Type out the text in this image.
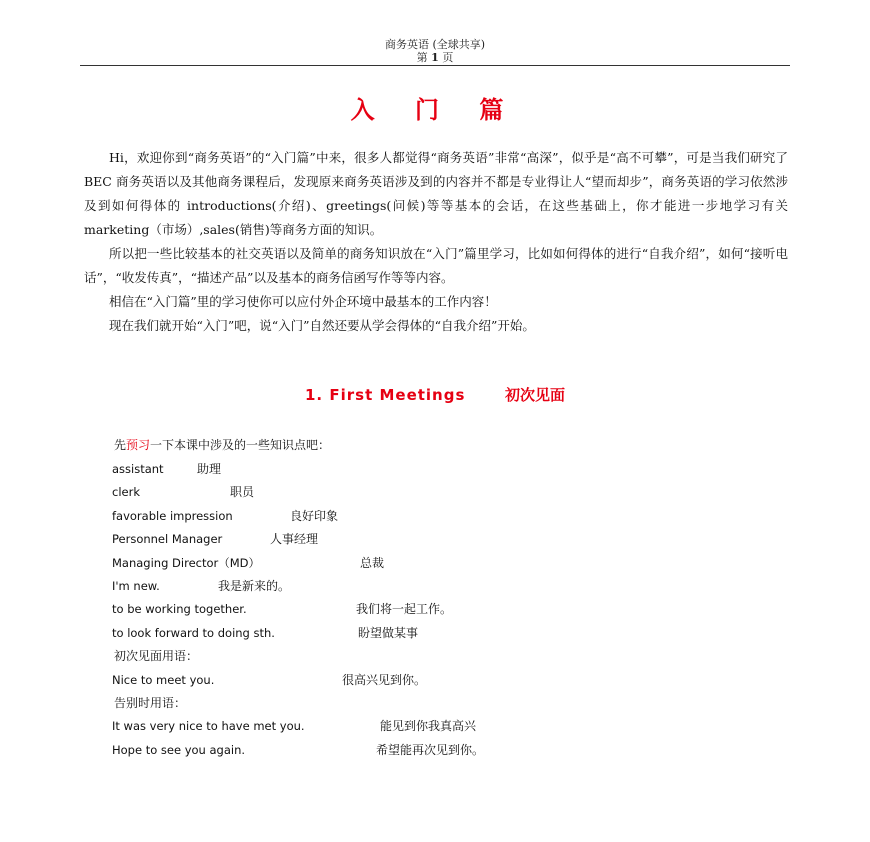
商务英语 (全球共享)
第 1 页
入 门 篇

Hi，欢迎你到“商务英语”的“入门篇”中来，很多人都觉得“商务英语”非常“高深”，似乎是“高不可攀”，可是当我们研究了 BEC 商务英语以及其他商务课程后，发现原来商务英语涉及到的内容并不都是专业得让人“望而却步”，商务英语的学习依然涉及到如何得体的 introductions(介绍)、greetings(问候)等等基本的会话，在这些基础上，你才能进一步地学习有关 marketing（市场）,sales(销售)等商务方面的知识。

所以把一些比较基本的社交英语以及简单的商务知识放在“入门”篇里学习，比如如何得体的进行“自我介绍”，如何“接听电话”，“收发传真”，“描述产品”以及基本的商务信函写作等等内容。

相信在“入门篇”里的学习使你可以应付外企环境中最基本的工作内容！

现在我们就开始“入门”吧，说“入门”自然还要从学会得体的“自我介绍”开始。

1. First Meetings	初次见面
先预习一下本课中涉及的一些知识点吧：
assistant	助理
clerk	职员
favorable impression	良好印象
Personnel Manager	人事经理
Managing Director（MD）	总裁
I'm new.	我是新来的。
to be working together.	我们将一起工作。
to look forward to doing sth.	盼望做某事
初次见面用语：
Nice to meet you.	很高兴见到你。
告别时用语：
It was very nice to have met you.	能见到你我真高兴
Hope to see you again.	希望能再次见到你。
